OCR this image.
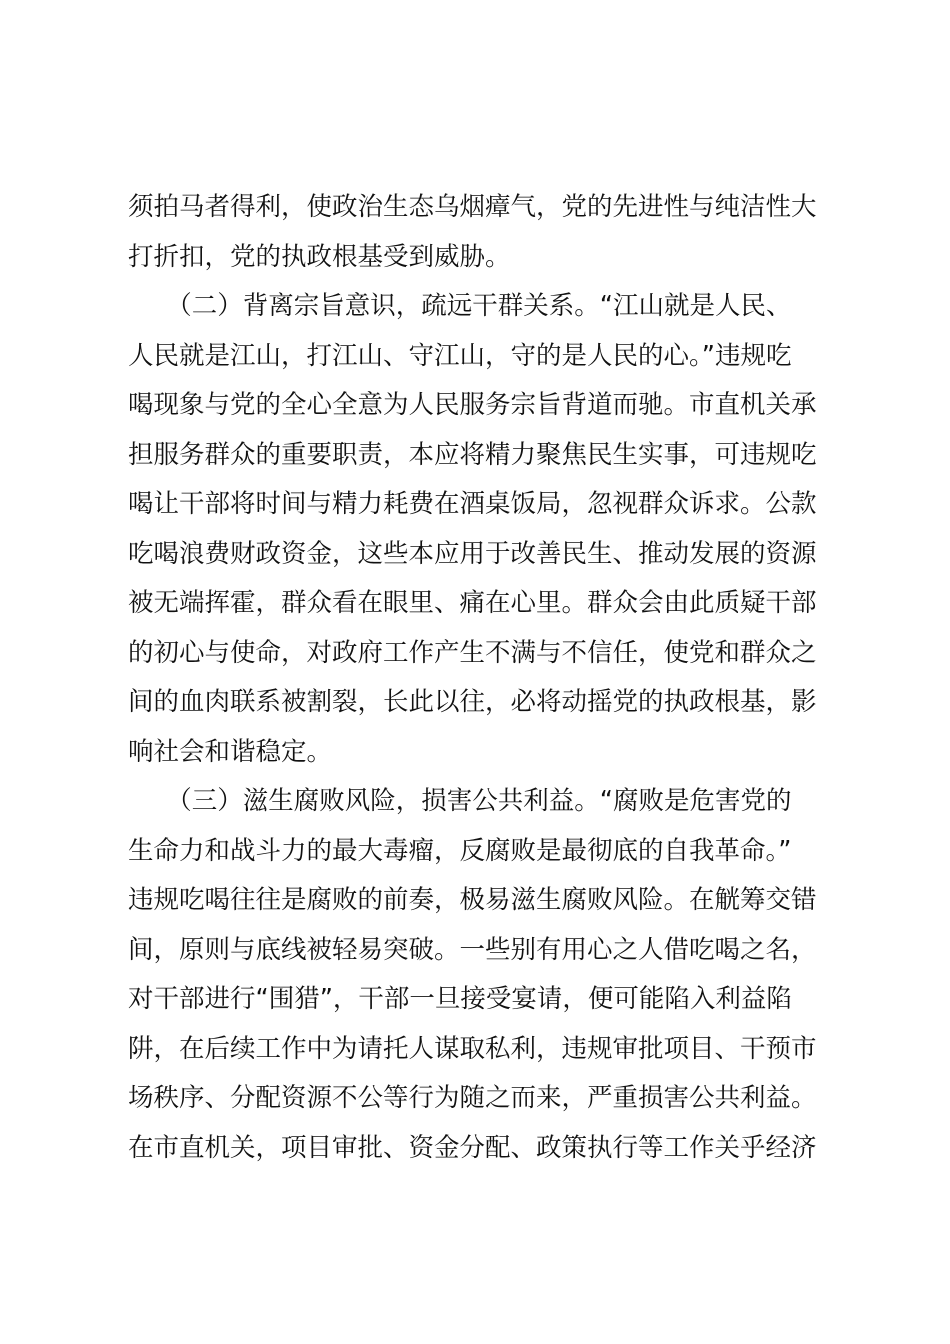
须拍马者得利，使政治生态乌烟瘴气，党的先进性与纯洁性大
打折扣，党的执政根基受到威胁。
　　（二）背离宗旨意识，疏远干群关系。“江山就是人民、
人民就是江山，打江山、守江山，守的是人民的心。”违规吃
喝现象与党的全心全意为人民服务宗旨背道而驰。市直机关承
担服务群众的重要职责，本应将精力聚焦民生实事，可违规吃
喝让干部将时间与精力耗费在酒桌饭局，忽视群众诉求。公款
吃喝浪费财政资金，这些本应用于改善民生、推动发展的资源
被无端挥霍，群众看在眼里、痛在心里。群众会由此质疑干部
的初心与使命，对政府工作产生不满与不信任，使党和群众之
间的血肉联系被割裂，长此以往，必将动摇党的执政根基，影
响社会和谐稳定。
　　（三）滋生腐败风险，损害公共利益。“腐败是危害党的
生命力和战斗力的最大毒瘤，反腐败是最彻底的自我革命。”
违规吃喝往往是腐败的前奏，极易滋生腐败风险。在觥筹交错
间，原则与底线被轻易突破。一些别有用心之人借吃喝之名，
对干部进行“围猎”，干部一旦接受宴请，便可能陷入利益陷
阱，在后续工作中为请托人谋取私利，违规审批项目、干预市
场秩序、分配资源不公等行为随之而来，严重损害公共利益。
在市直机关，项目审批、资金分配、政策执行等工作关乎经济
